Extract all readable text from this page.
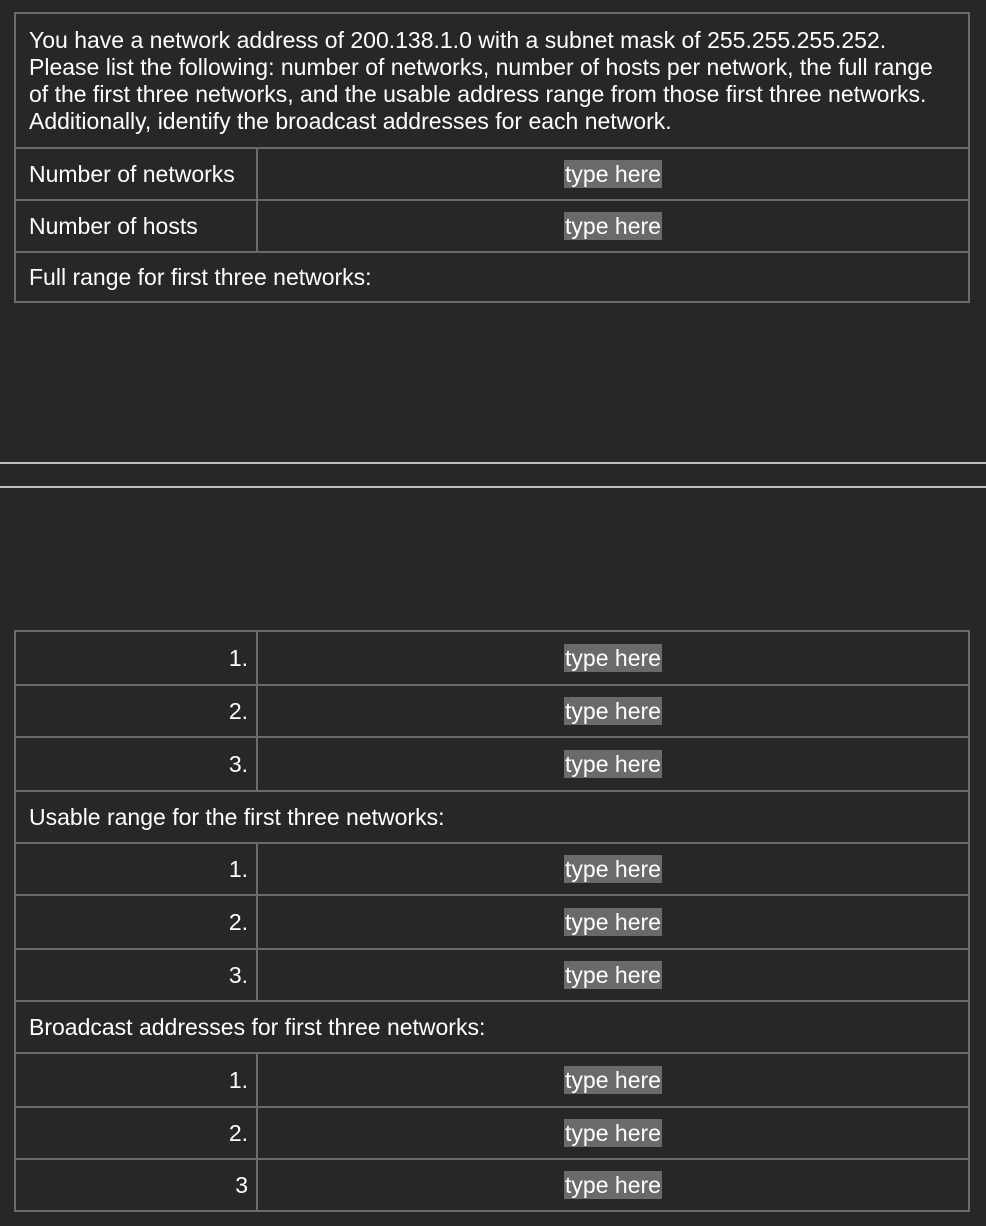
You have a network address of 200.138.1.0 with a subnet mask of 255.255.255.252. Please list the following: number of networks, number of hosts per network, the full range of the first three networks, and the usable address range from those first three networks. Additionally, identify the broadcast addresses for each network.
Number of networks	type here
Number of hosts	type here
Full range for first three networks:
1.	type here
2.	type here
3.	type here
Usable range for the first three networks:
1.	type here
2.	type here
3.	type here
Broadcast addresses for first three networks:
1.	type here
2.	type here
3	type here
